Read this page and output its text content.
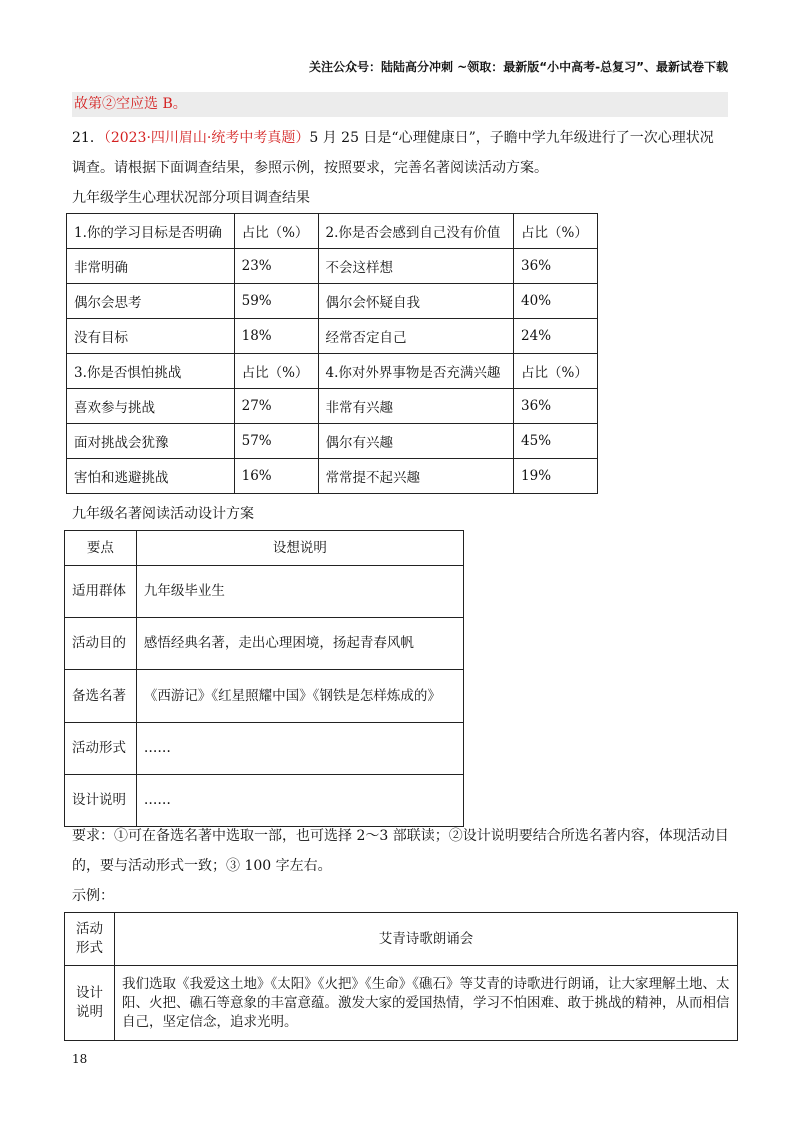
关注公众号：陆陆高分冲刺 ~领取：最新版“小中高考-总复习”、最新试卷下载
故第②空应选 B。
21．（2023·四川眉山·统考中考真题）5 月 25 日是“心理健康日”，子瞻中学九年级进行了一次心理状况
调查。请根据下面调查结果，参照示例，按照要求，完善名著阅读活动方案。
九年级学生心理状况部分项目调查结果
1.你的学习目标是否明确	占比（%）	2.你是否会感到自己没有价值	占比（%）
非常明确	23%	不会这样想	36%
偶尔会思考	59%	偶尔会怀疑自我	40%
没有目标	18%	经常否定自己	24%
3.你是否惧怕挑战	占比（%）	4.你对外界事物是否充满兴趣	占比（%）
喜欢参与挑战	27%	非常有兴趣	36%
面对挑战会犹豫	57%	偶尔有兴趣	45%
害怕和逃避挑战	16%	常常提不起兴趣	19%
九年级名著阅读活动设计方案
要点	设想说明
适用群体	九年级毕业生
活动目的	感悟经典名著，走出心理困境，扬起青春风帆
备选名著	《西游记》《红星照耀中国》《钢铁是怎样炼成的》
活动形式	……
设计说明	……
要求：①可在备选名著中选取一部，也可选择 2～3 部联读；②设计说明要结合所选名著内容，体现活动目
的，要与活动形式一致；③ 100 字左右。
示例：
活动形式	艾青诗歌朗诵会
设计说明	我们选取《我爱这土地》《太阳》《火把》《生命》《礁石》等艾青的诗歌进行朗诵，让大家理解土地、太阳、火把、礁石等意象的丰富意蕴。激发大家的爱国热情，学习不怕困难、敢于挑战的精神，从而相信自己，坚定信念，追求光明。
18
